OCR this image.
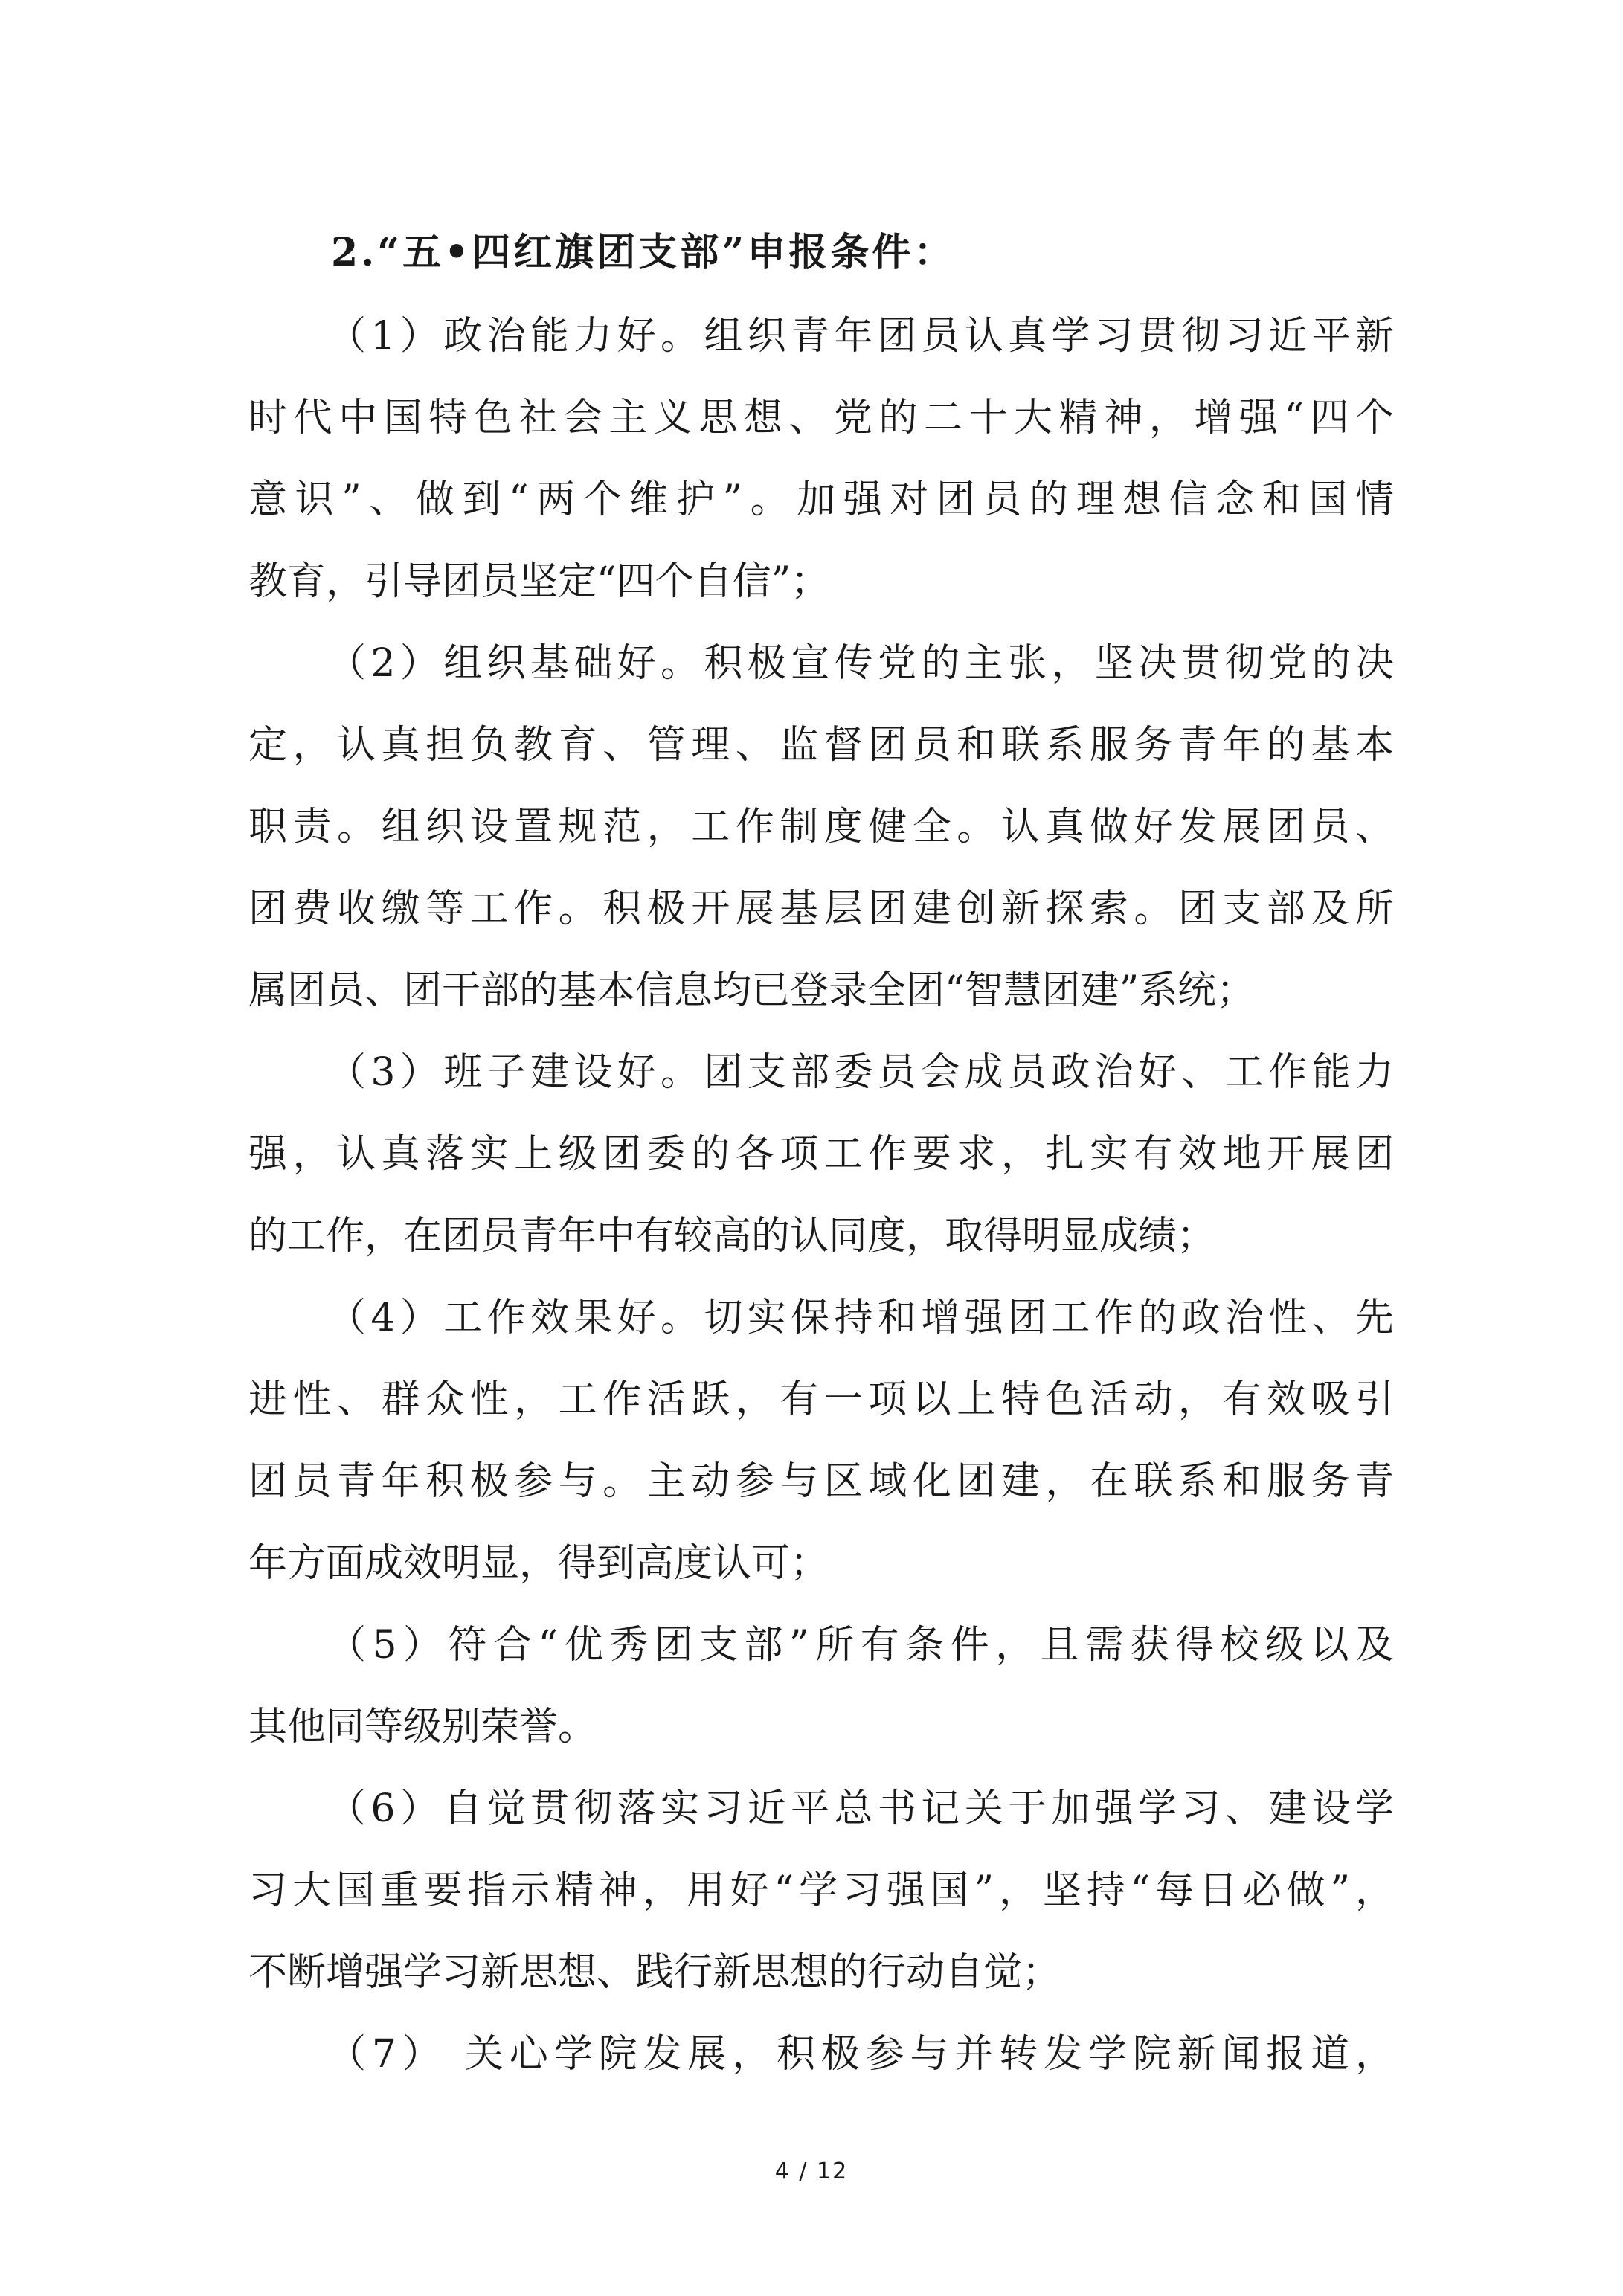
2.“五•四红旗团支部”申报条件：
（1）政治能力好。组织青年团员认真学习贯彻习近平新
时代中国特色社会主义思想、党的二十大精神，增强“四个
意识”、做到“两个维护”。加强对团员的理想信念和国情
教育，引导团员坚定“四个自信”；
（2）组织基础好。积极宣传党的主张，坚决贯彻党的决
定，认真担负教育、管理、监督团员和联系服务青年的基本
职责。组织设置规范，工作制度健全。认真做好发展团员、
团费收缴等工作。积极开展基层团建创新探索。团支部及所
属团员、团干部的基本信息均已登录全团“智慧团建”系统；
（3）班子建设好。团支部委员会成员政治好、工作能力
强，认真落实上级团委的各项工作要求，扎实有效地开展团
的工作，在团员青年中有较高的认同度，取得明显成绩；
（4）工作效果好。切实保持和增强团工作的政治性、先
进性、群众性，工作活跃，有一项以上特色活动，有效吸引
团员青年积极参与。主动参与区域化团建，在联系和服务青
年方面成效明显，得到高度认可；
（5）符合“优秀团支部”所有条件，且需获得校级以及
其他同等级别荣誉。
（6）自觉贯彻落实习近平总书记关于加强学习、建设学
习大国重要指示精神，用好“学习强国”，坚持“每日必做”，
不断增强学习新思想、践行新思想的行动自觉；
（7） 关心学院发展，积极参与并转发学院新闻报道，
4 / 12
